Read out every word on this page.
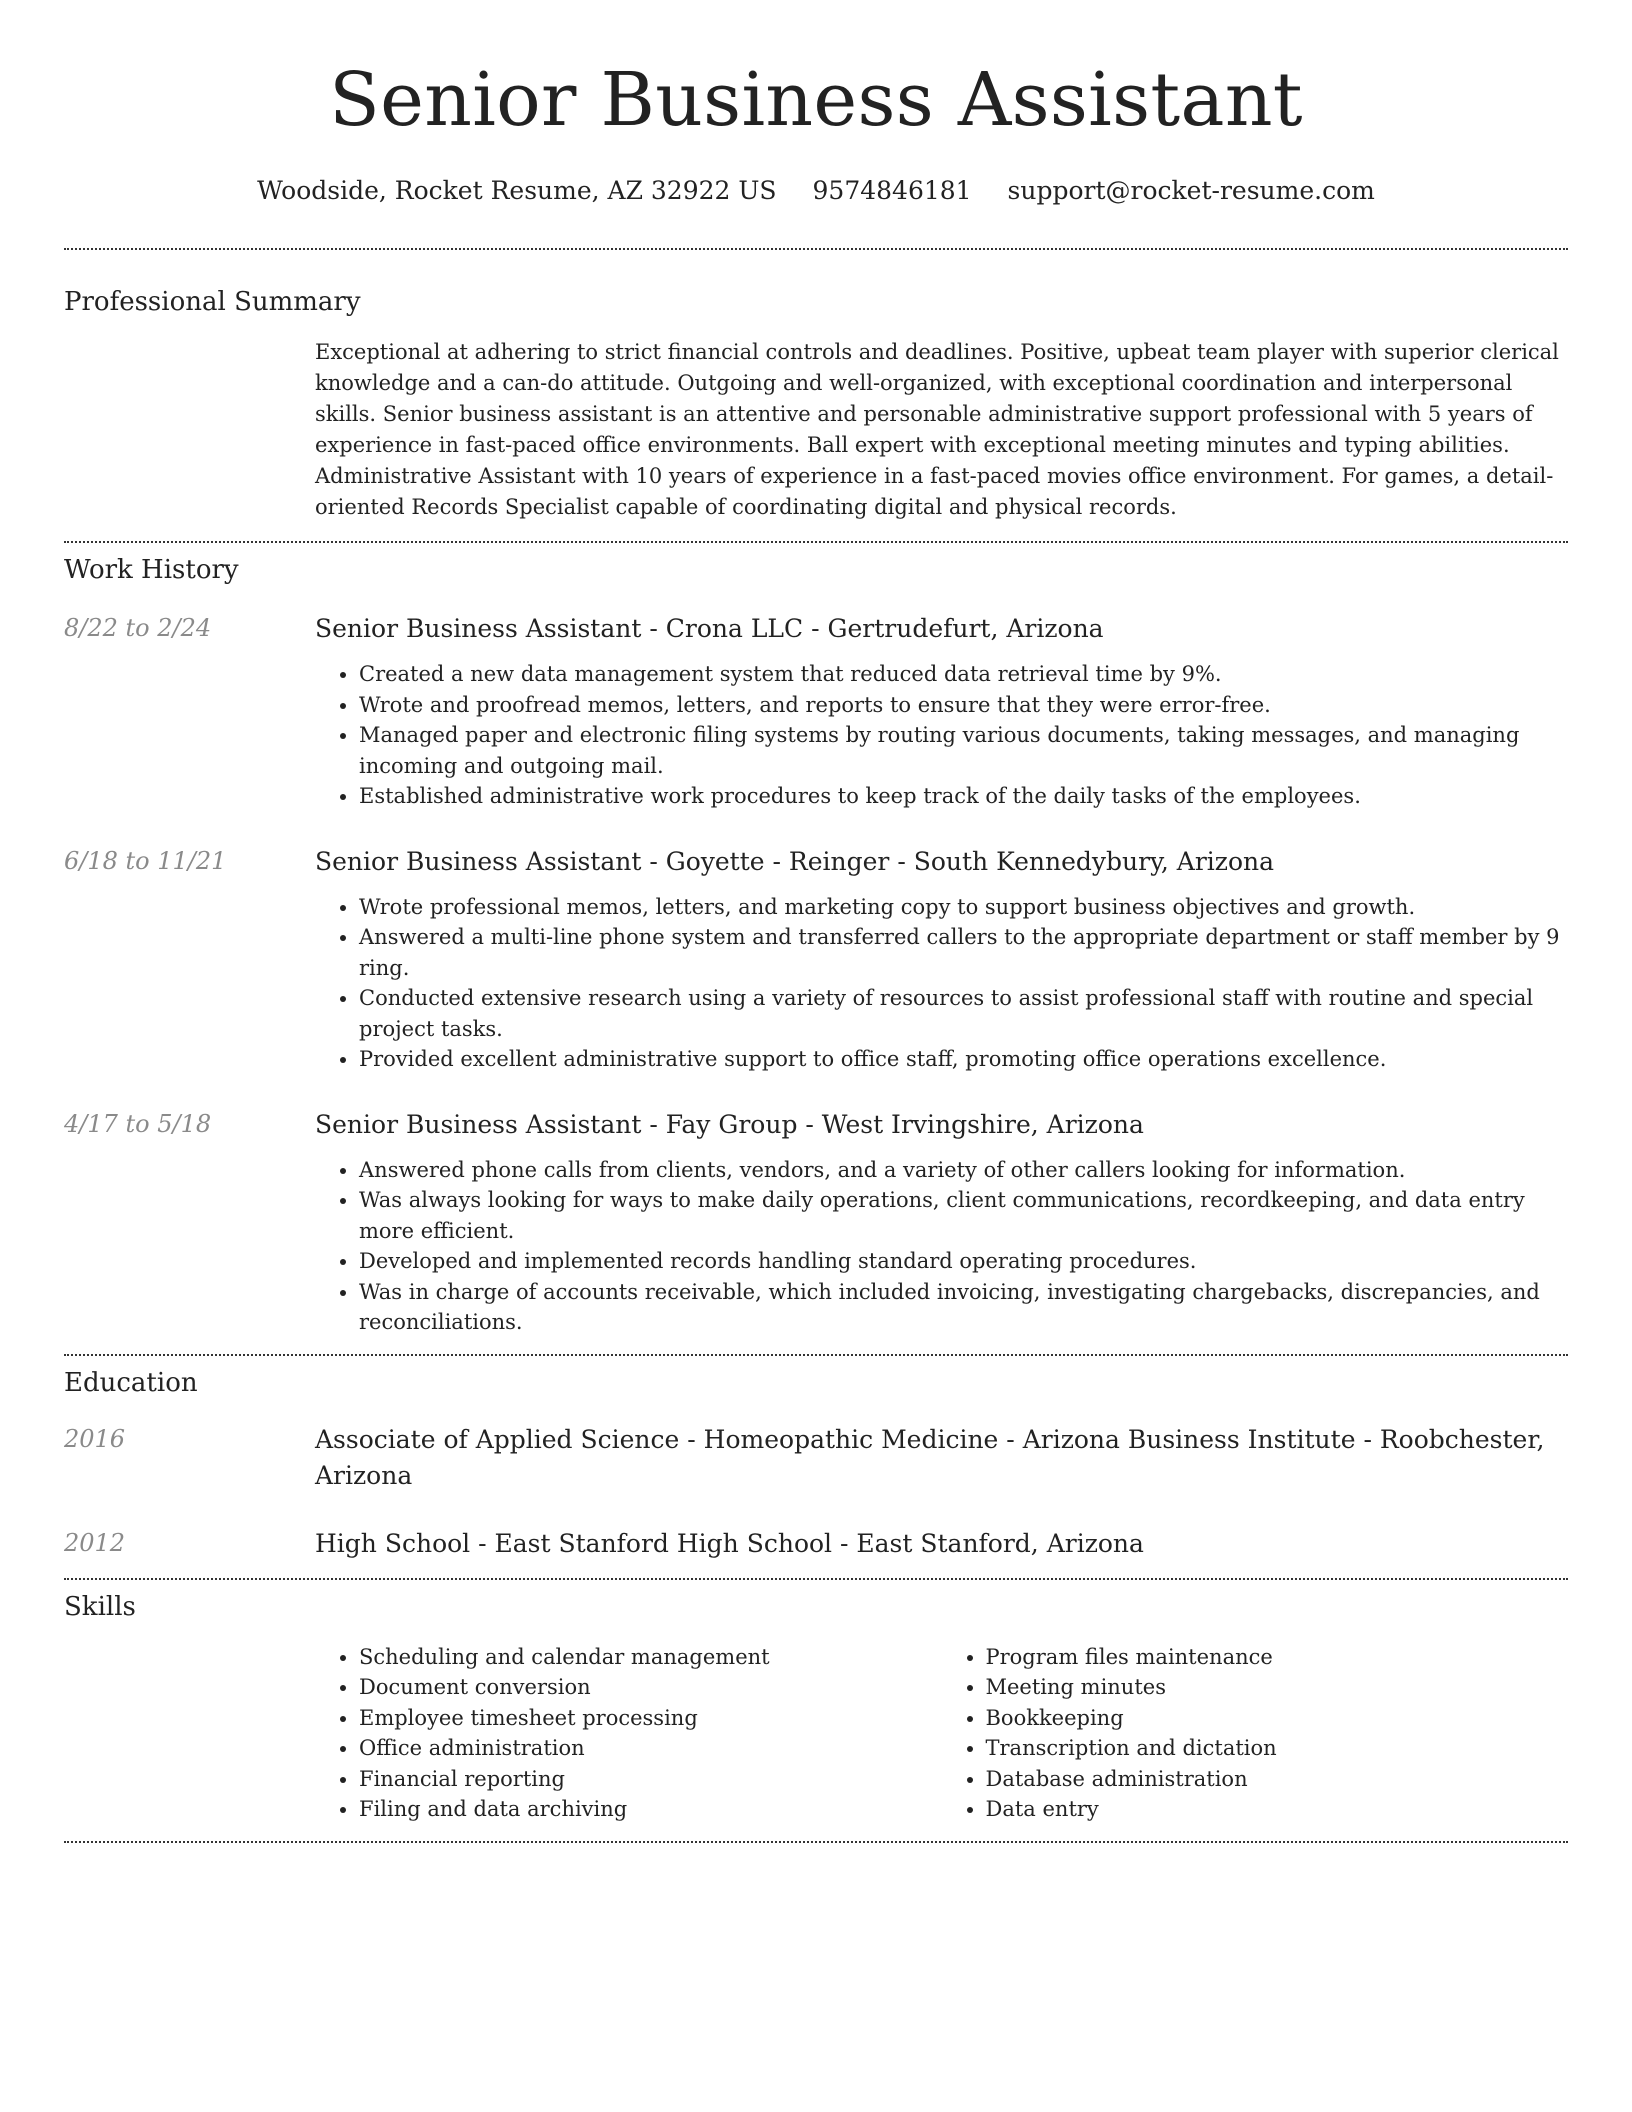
Senior Business Assistant
Woodside, Rocket Resume, AZ 32922 US 9574846181 support@rocket-resume.com
Professional Summary
Exceptional at adhering to strict financial controls and deadlines. Positive, upbeat team player with superior clerical knowledge and a can-do attitude. Outgoing and well-organized, with exceptional coordination and interpersonal skills. Senior business assistant is an attentive and personable administrative support professional with 5 years of experience in fast-paced office environments. Ball expert with exceptional meeting minutes and typing abilities. Administrative Assistant with 10 years of experience in a fast-paced movies office environment. For games, a detail-oriented Records Specialist capable of coordinating digital and physical records.
Work History
8/22 to 2/24	Senior Business Assistant - Crona LLC - Gertrudefurt, Arizona
• Created a new data management system that reduced data retrieval time by 9%.
• Wrote and proofread memos, letters, and reports to ensure that they were error-free.
• Managed paper and electronic filing systems by routing various documents, taking messages, and managing incoming and outgoing mail.
• Established administrative work procedures to keep track of the daily tasks of the employees.
6/18 to 11/21	Senior Business Assistant - Goyette - Reinger - South Kennedybury, Arizona
• Wrote professional memos, letters, and marketing copy to support business objectives and growth.
• Answered a multi-line phone system and transferred callers to the appropriate department or staff member by 9 ring.
• Conducted extensive research using a variety of resources to assist professional staff with routine and special project tasks.
• Provided excellent administrative support to office staff, promoting office operations excellence.
4/17 to 5/18	Senior Business Assistant - Fay Group - West Irvingshire, Arizona
• Answered phone calls from clients, vendors, and a variety of other callers looking for information.
• Was always looking for ways to make daily operations, client communications, recordkeeping, and data entry more efficient.
• Developed and implemented records handling standard operating procedures.
• Was in charge of accounts receivable, which included invoicing, investigating chargebacks, discrepancies, and reconciliations.
Education
2016	Associate of Applied Science - Homeopathic Medicine - Arizona Business Institute - Roobchester, Arizona
2012	High School - East Stanford High School - East Stanford, Arizona
Skills
• Scheduling and calendar management
• Document conversion
• Employee timesheet processing
• Office administration
• Financial reporting
• Filing and data archiving
• Program files maintenance
• Meeting minutes
• Bookkeeping
• Transcription and dictation
• Database administration
• Data entry
